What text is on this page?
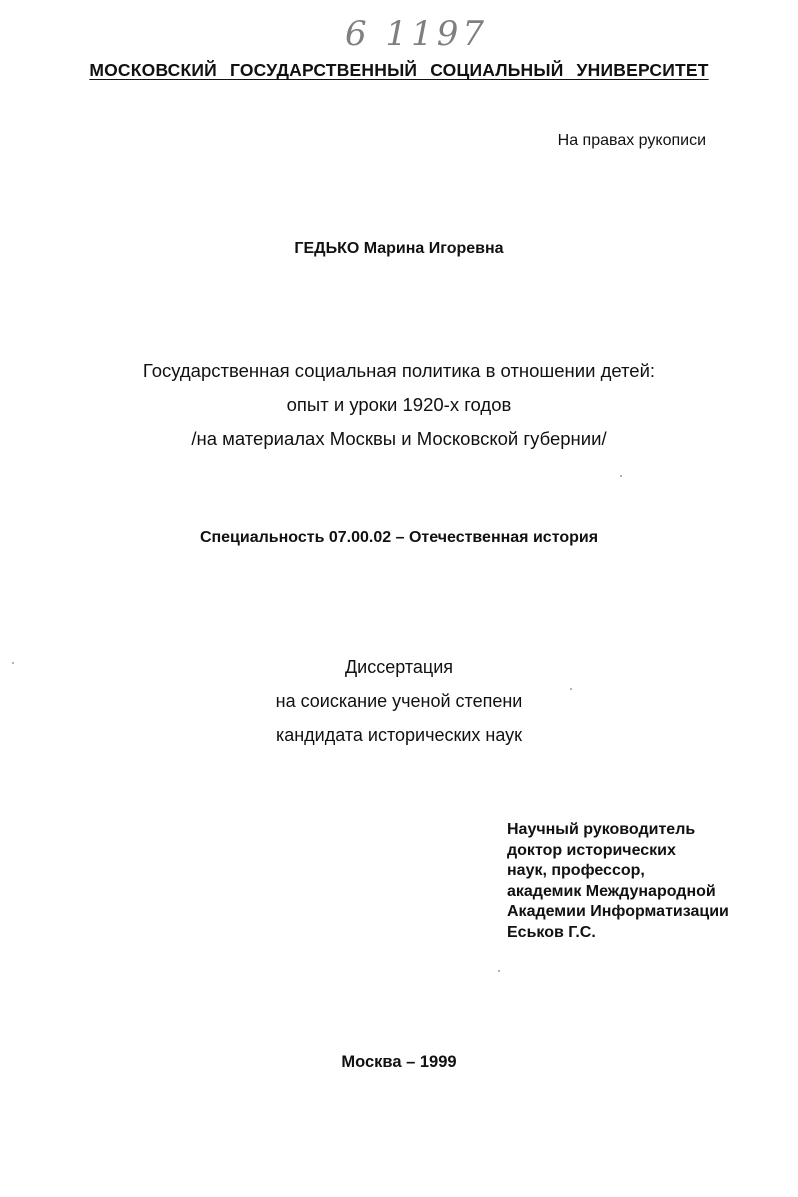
6 1197
МОСКОВСКИЙ ГОСУДАРСТВЕННЫЙ СОЦИАЛЬНЫЙ УНИВЕРСИТЕТ
На правах рукописи
ГЕДЬКО Марина Игоревна
Государственная социальная политика в отношении детей:
опыт и уроки 1920-х годов
/на материалах Москвы и Московской губернии/
Специальность 07.00.02 – Отечественная история
Диссертация
на соискание ученой степени
кандидата исторических наук
Научный руководитель
доктор исторических
наук, профессор,
академик Международной
Академии Информатизации
Еськов Г.С.
Москва – 1999
